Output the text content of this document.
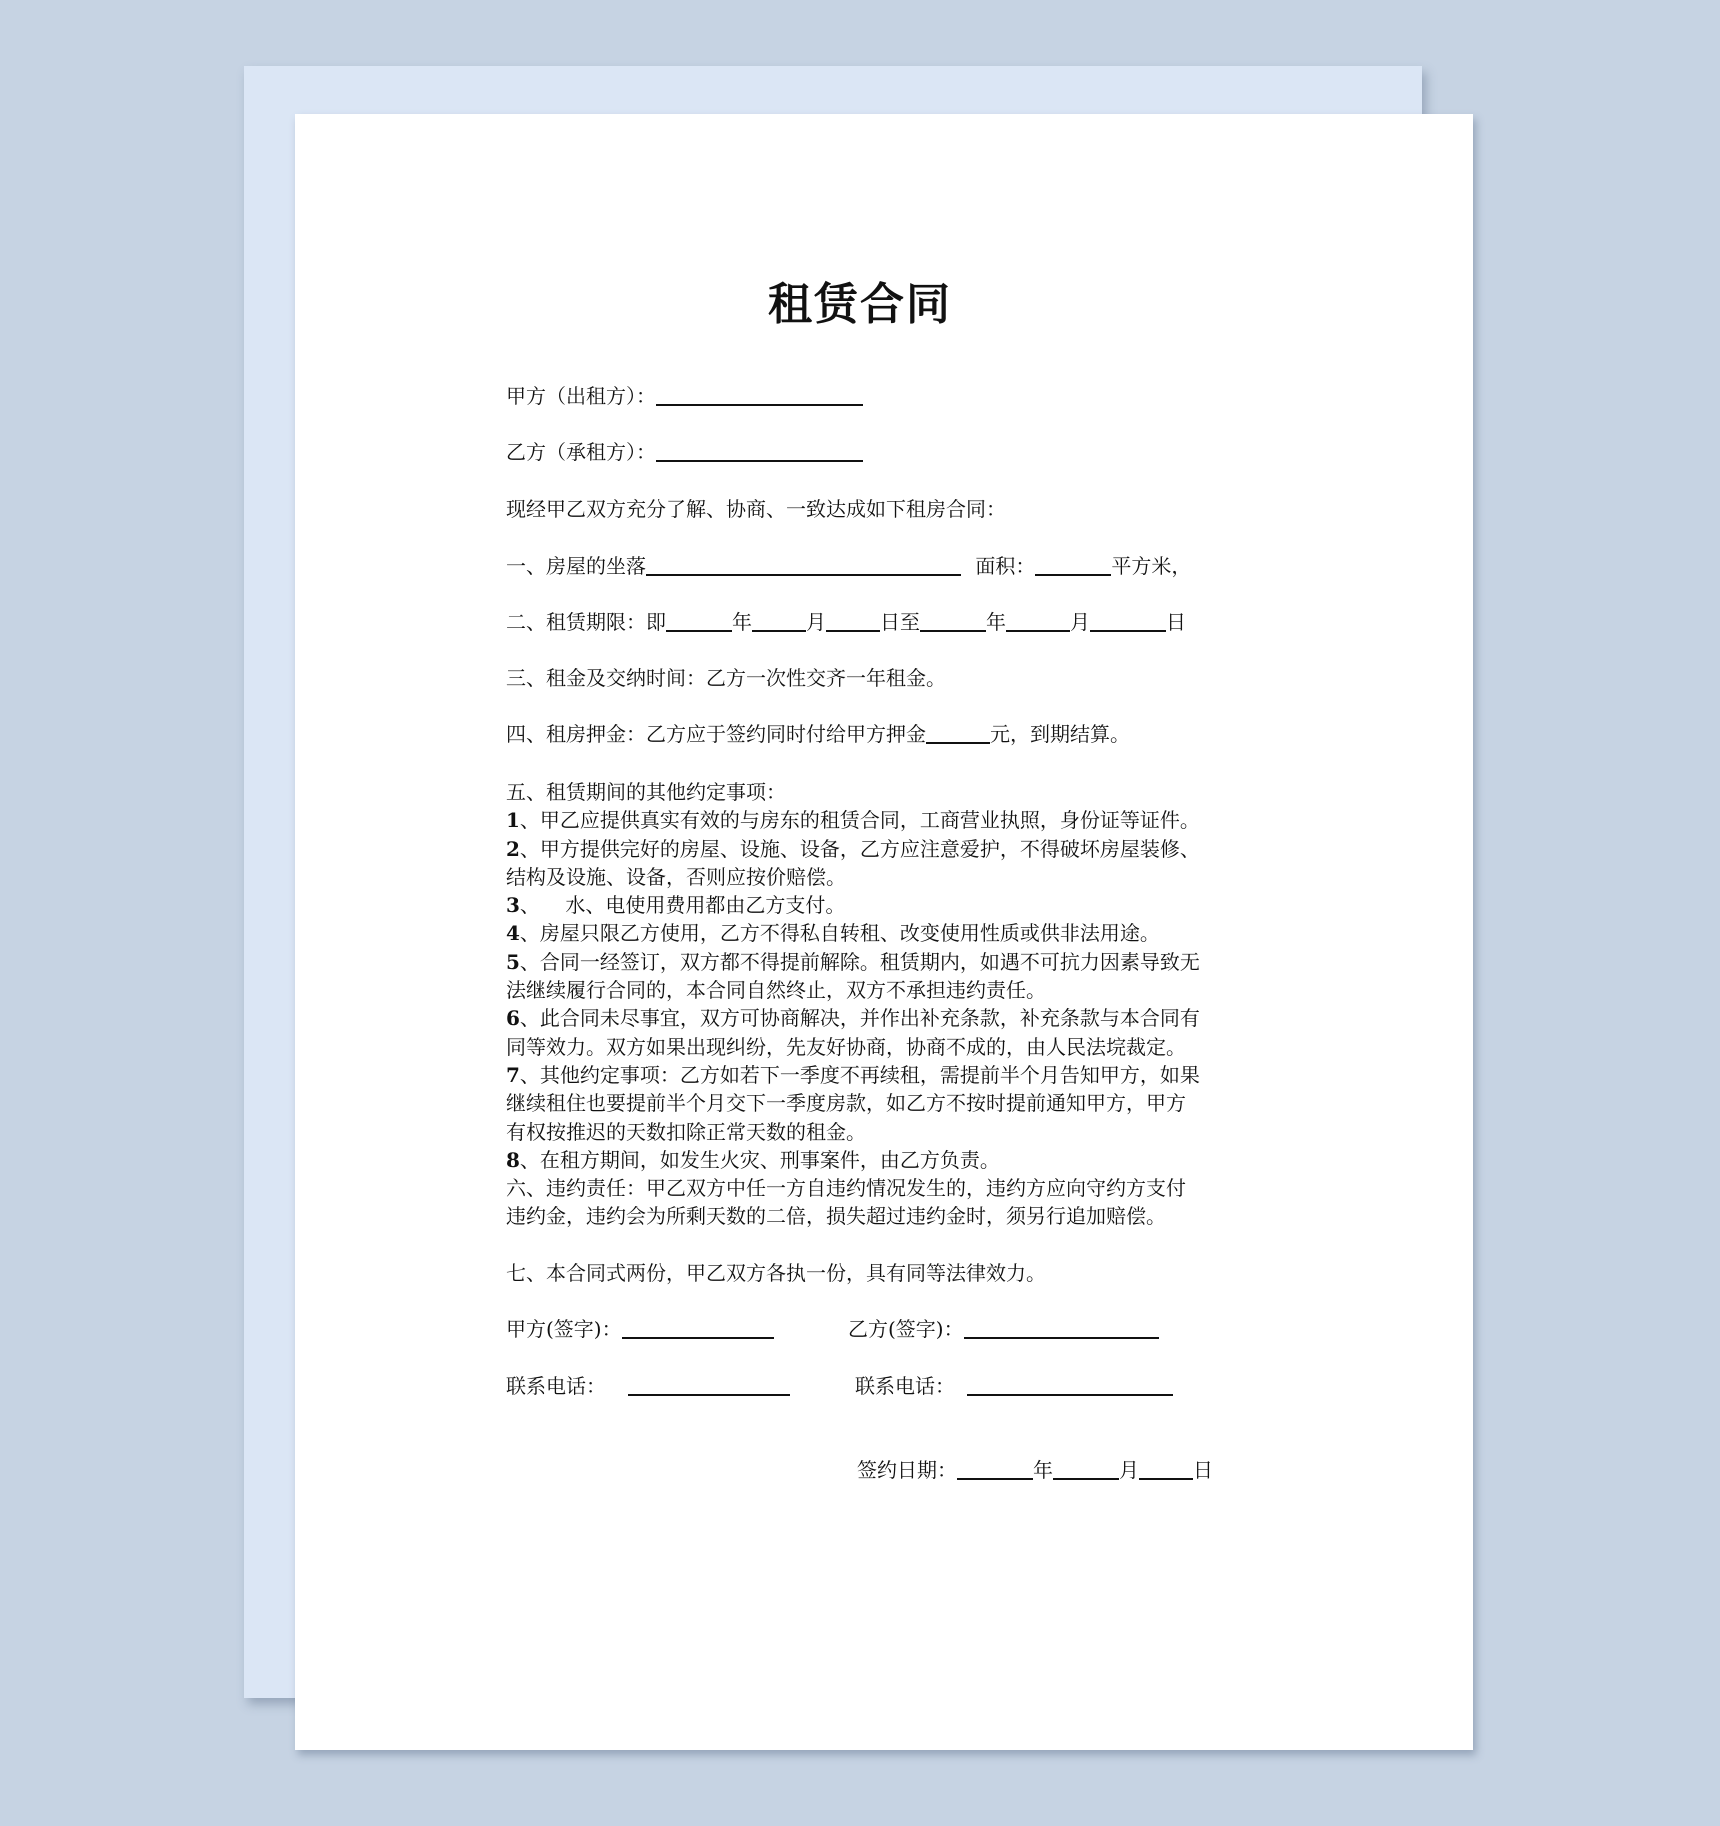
租赁合同
甲方（出租方）：
乙方（承租方）：
现经甲乙双方充分了解、协商、一致达成如下租房合同：
一、房屋的坐落	面积：	平方米，
二、租赁期限：即	年	月	日至	年	月	日
三、租金及交纳时间：乙方一次性交齐一年租金。
四、租房押金：乙方应于签约同时付给甲方押金	元，到期结算。

五、租赁期间的其他约定事项：

1、甲乙应提供真实有效的与房东的租赁合同，工商营业执照，身份证等证件。

2、甲方提供完好的房屋、设施、设备，乙方应注意爱护，不得破坏房屋装修、

结构及设施、设备，否则应按价赔偿。

3、    水、电使用费用都由乙方支付。

4、房屋只限乙方使用，乙方不得私自转租、改变使用性质或供非法用途。

5、合同一经签订，双方都不得提前解除。租赁期内，如遇不可抗力因素导致无

法继续履行合同的，本合同自然终止，双方不承担违约责任。

6、此合同未尽事宜，双方可协商解决，并作出补充条款，补充条款与本合同有

同等效力。双方如果出现纠纷，先友好协商，协商不成的，由人民法垸裁定。

7、其他约定事项：乙方如若下一季度不再续租，需提前半个月告知甲方，如果

继续租住也要提前半个月交下一季度房款，如乙方不按时提前通知甲方，甲方

有权按推迟的天数扣除正常天数的租金。

8、在租方期间，如发生火灾、刑事案件，由乙方负责。

六、违约责任：甲乙双方中任一方自违约情况发生的，违约方应向守约方支付

违约金，违约会为所剩天数的二倍，损失超过违约金时，须另行追加赔偿。

七、本合同式两份，甲乙双方各执一份，具有同等法律效力。
甲方(签字)：	乙方(签字)：
联系电话：	联系电话：
签约日期：	年	月	日
